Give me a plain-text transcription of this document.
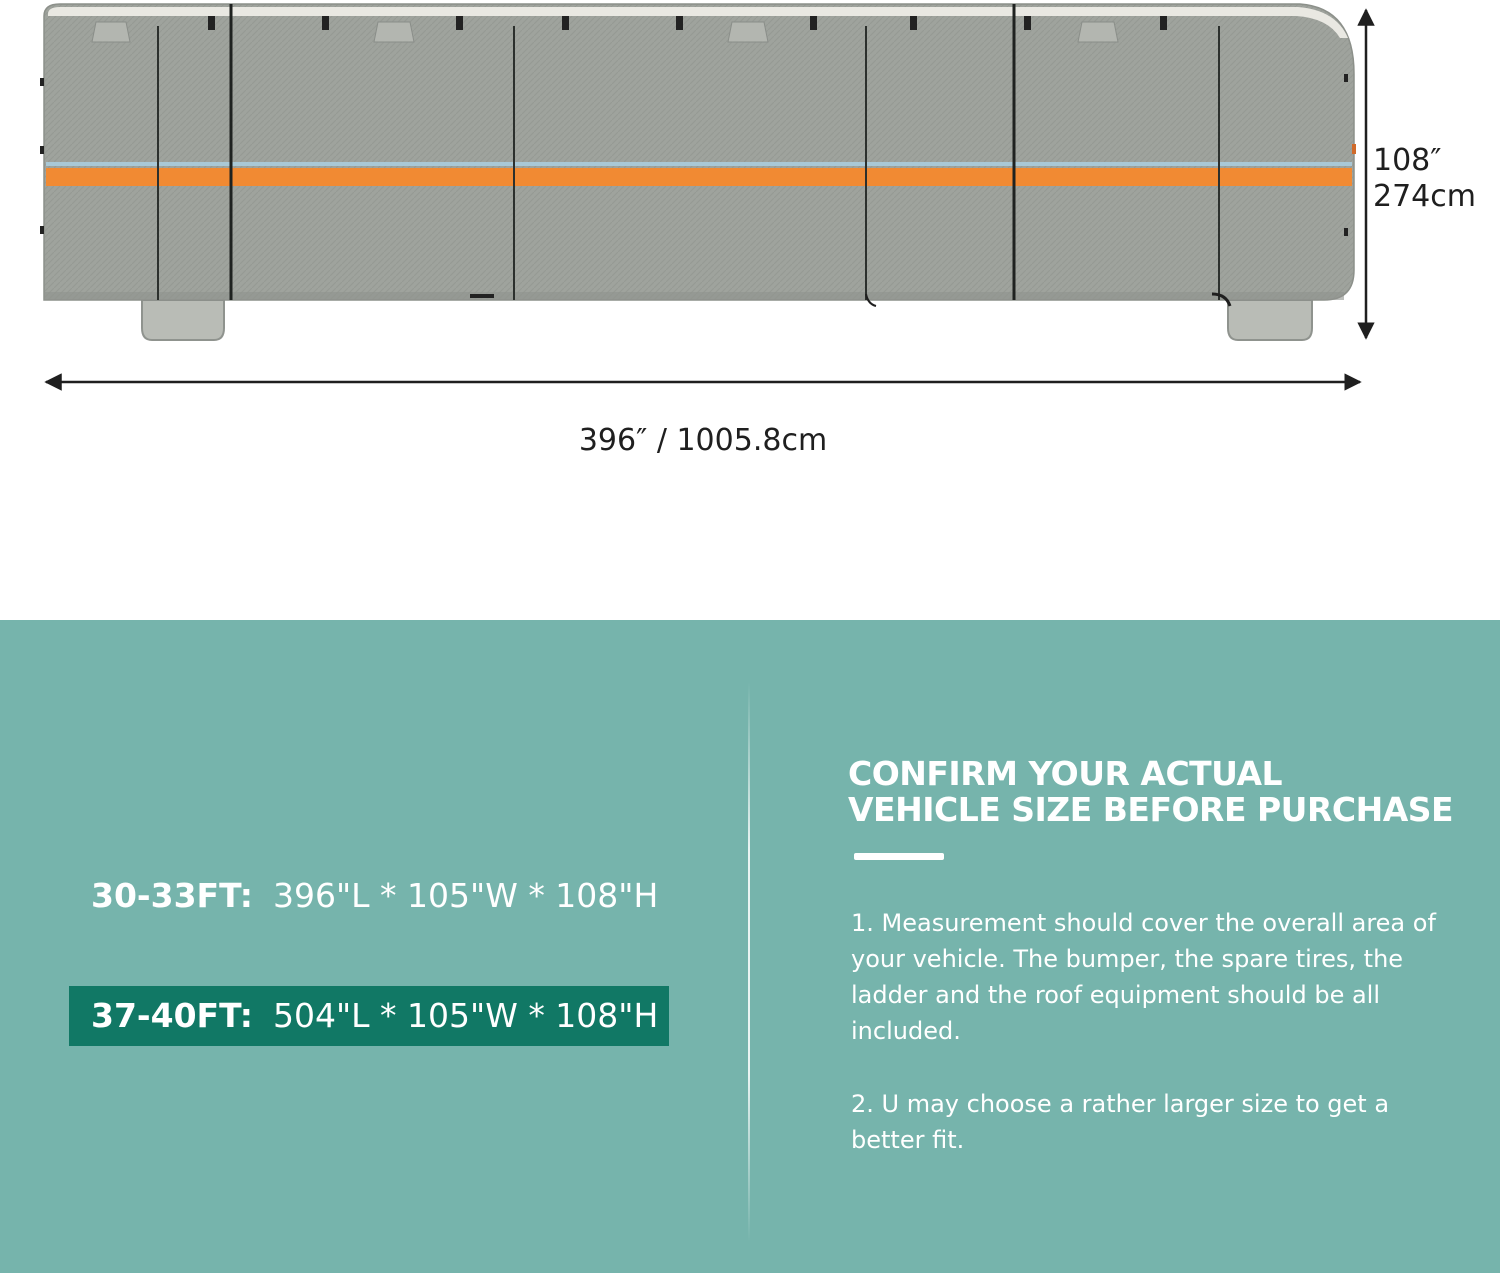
108″
274cm
396″ / 1005.8cm
30-33FT: 396"L * 105"W * 108"H
37-40FT: 504"L * 105"W * 108"H
CONFIRM YOUR ACTUAL
VEHICLE SIZE BEFORE PURCHASE

1. Measurement should cover the overall area of your vehicle. The bumper, the spare tires, the ladder and the roof equipment should be all included.

2. U may choose a rather larger size to get a better fit.
